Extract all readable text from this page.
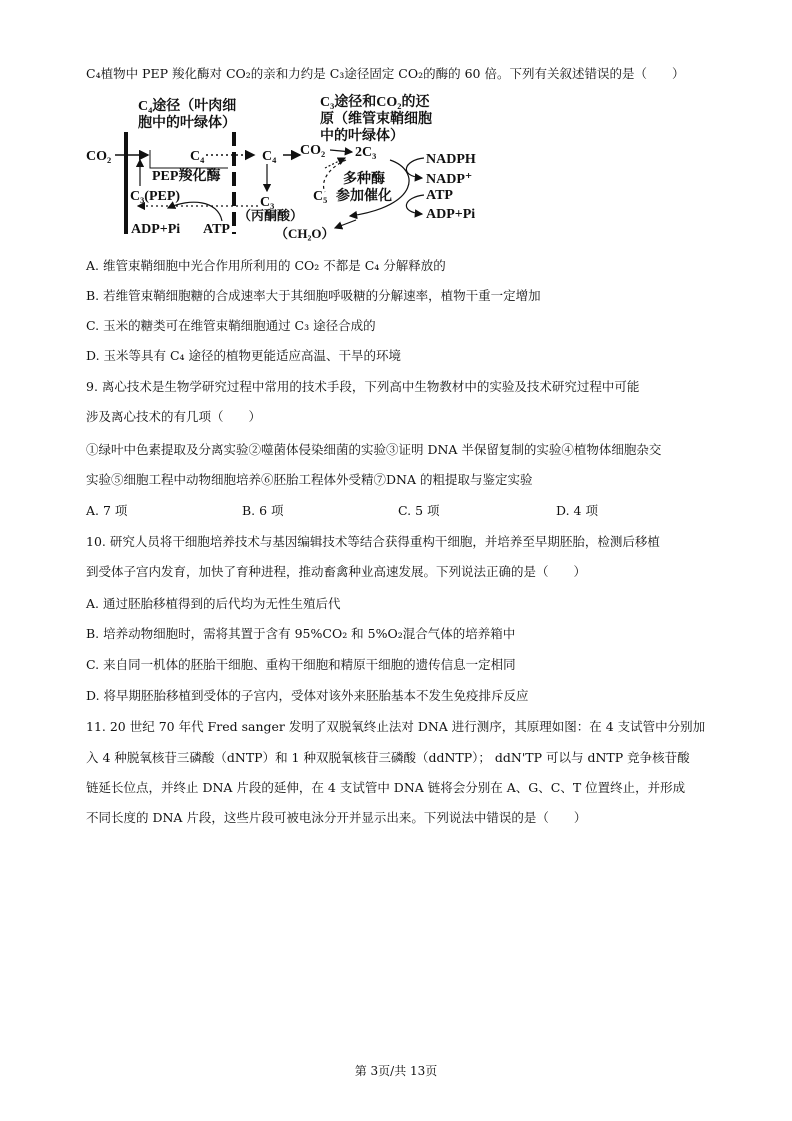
C₄植物中 PEP 羧化酶对 CO₂的亲和力约是 C₃途径固定 CO₂的酶的 60 倍。下列有关叙述错误的是（　　）
C₄途径（叶肉细
胞中的叶绿体）
C₃途径和CO₂的还
原（维管束鞘细胞
中的叶绿体）
CO₂	C₄
PEP羧化酶
C₃(PEP)
ADP+Pi ATP
C₄
C₃
（丙酮酸）
CO₂ 2C₃
C₅
多种酶
参加催化
（CH₂O）
NADPH
NADP⁺
ATP
ADP+Pi
A. 维管束鞘细胞中光合作用所利用的 CO₂ 不都是 C₄ 分解释放的
B. 若维管束鞘细胞糖的合成速率大于其细胞呼吸糖的分解速率，植物干重一定增加
C. 玉米的糖类可在维管束鞘细胞通过 C₃ 途径合成的
D. 玉米等具有 C₄ 途径的植物更能适应高温、干旱的环境
9. 离心技术是生物学研究过程中常用的技术手段，下列高中生物教材中的实验及技术研究过程中可能
涉及离心技术的有几项（　　）
①绿叶中色素提取及分离实验②噬菌体侵染细菌的实验③证明 DNA 半保留复制的实验④植物体细胞杂交
实验⑤细胞工程中动物细胞培养⑥胚胎工程体外受精⑦DNA 的粗提取与鉴定实验
A. 7 项	B. 6 项	C. 5 项	D. 4 项
10. 研究人员将干细胞培养技术与基因编辑技术等结合获得重构干细胞，并培养至早期胚胎，检测后移植
到受体子宫内发育，加快了育种进程，推动畜禽种业高速发展。下列说法正确的是（　　）
A. 通过胚胎移植得到的后代均为无性生殖后代
B. 培养动物细胞时，需将其置于含有 95%CO₂ 和 5%O₂混合气体的培养箱中
C. 来自同一机体的胚胎干细胞、重构干细胞和精原干细胞的遗传信息一定相同
D. 将早期胚胎移植到受体的子宫内，受体对该外来胚胎基本不发生免疫排斥反应
11. 20 世纪 70 年代 Fred sanger 发明了双脱氧终止法对 DNA 进行测序，其原理如图：在 4 支试管中分别加
入 4 种脱氧核苷三磷酸（dNTP）和 1 种双脱氧核苷三磷酸（ddNTP）； ddN'TP 可以与 dNTP 竞争核苷酸
链延长位点，并终止 DNA 片段的延伸，在 4 支试管中 DNA 链将会分别在 A、G、C、T 位置终止，并形成
不同长度的 DNA 片段，这些片段可被电泳分开并显示出来。下列说法中错误的是（　　）
第 3页/共 13页
